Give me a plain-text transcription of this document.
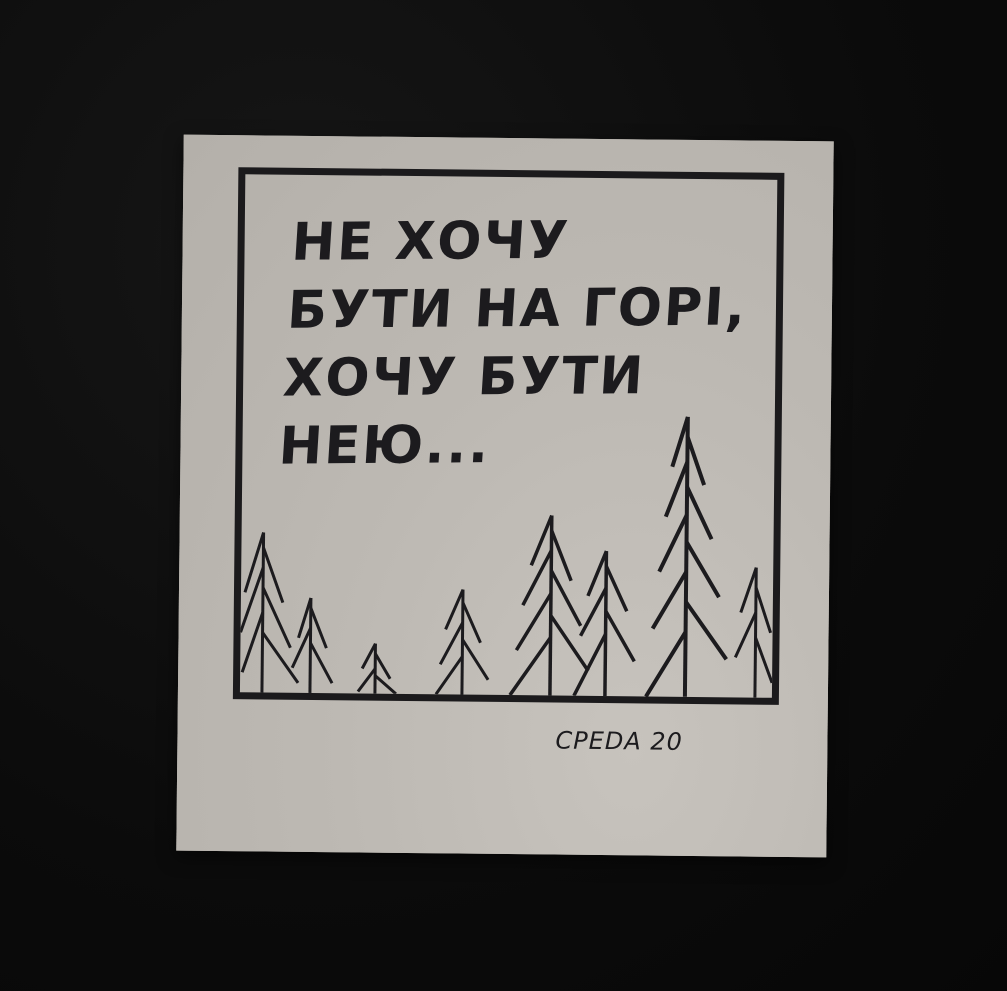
НЕ ХОЧУ
БУТИ НА ГОРІ,
ХОЧУ БУТИ
НЕЮ...

CPEDA 20
